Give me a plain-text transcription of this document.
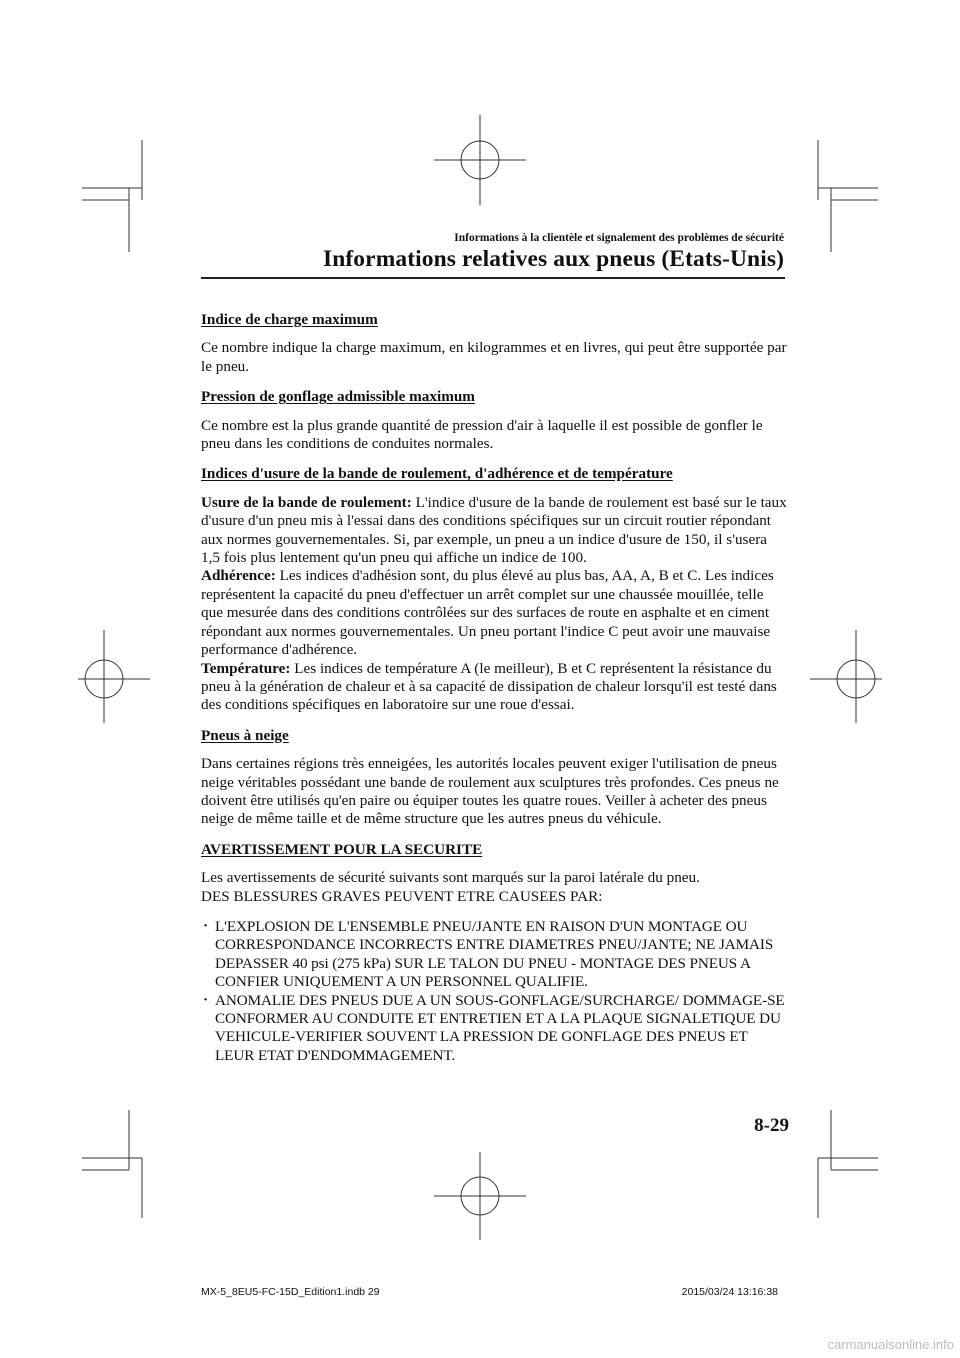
Informations à la clientèle et signalement des problèmes de sécurité
Informations relatives aux pneus (Etats-Unis)
Indice de charge maximum
Ce nombre indique la charge maximum, en kilogrammes et en livres, qui peut être supportée par le pneu.
Pression de gonflage admissible maximum
Ce nombre est la plus grande quantité de pression d'air à laquelle il est possible de gonfler le pneu dans les conditions de conduites normales.
Indices d'usure de la bande de roulement, d'adhérence et de température
Usure de la bande de roulement: L'indice d'usure de la bande de roulement est basé sur le taux d'usure d'un pneu mis à l'essai dans des conditions spécifiques sur un circuit routier répondant aux normes gouvernementales. Si, par exemple, un pneu a un indice d'usure de 150, il s'usera 1,5 fois plus lentement qu'un pneu qui affiche un indice de 100.
Adhérence: Les indices d'adhésion sont, du plus élevé au plus bas, AA, A, B et C. Les indices représentent la capacité du pneu d'effectuer un arrêt complet sur une chaussée mouillée, telle que mesurée dans des conditions contrôlées sur des surfaces de route en asphalte et en ciment répondant aux normes gouvernementales. Un pneu portant l'indice C peut avoir une mauvaise performance d'adhérence.
Température: Les indices de température A (le meilleur), B et C représentent la résistance du pneu à la génération de chaleur et à sa capacité de dissipation de chaleur lorsqu'il est testé dans des conditions spécifiques en laboratoire sur une roue d'essai.
Pneus à neige
Dans certaines régions très enneigées, les autorités locales peuvent exiger l'utilisation de pneus neige véritables possédant une bande de roulement aux sculptures très profondes. Ces pneus ne doivent être utilisés qu'en paire ou équiper toutes les quatre roues. Veiller à acheter des pneus neige de même taille et de même structure que les autres pneus du véhicule.
AVERTISSEMENT POUR LA SECURITE
Les avertissements de sécurité suivants sont marqués sur la paroi latérale du pneu.
DES BLESSURES GRAVES PEUVENT ETRE CAUSEES PAR:
· L'EXPLOSION DE L'ENSEMBLE PNEU/JANTE EN RAISON D'UN MONTAGE OU CORRESPONDANCE INCORRECTS ENTRE DIAMETRES PNEU/JANTE; NE JAMAIS DEPASSER 40 psi (275 kPa) SUR LE TALON DU PNEU - MONTAGE DES PNEUS A CONFIER UNIQUEMENT A UN PERSONNEL QUALIFIE.
· ANOMALIE DES PNEUS DUE A UN SOUS-GONFLAGE/SURCHARGE/ DOMMAGE-SE CONFORMER AU CONDUITE ET ENTRETIEN ET A LA PLAQUE SIGNALETIQUE DU VEHICULE-VERIFIER SOUVENT LA PRESSION DE GONFLAGE DES PNEUS ET LEUR ETAT D'ENDOMMAGEMENT.
8-29
MX-5_8EU5-FC-15D_Edition1.indb 29	2015/03/24 13:16:38
carmanualsonline.info
